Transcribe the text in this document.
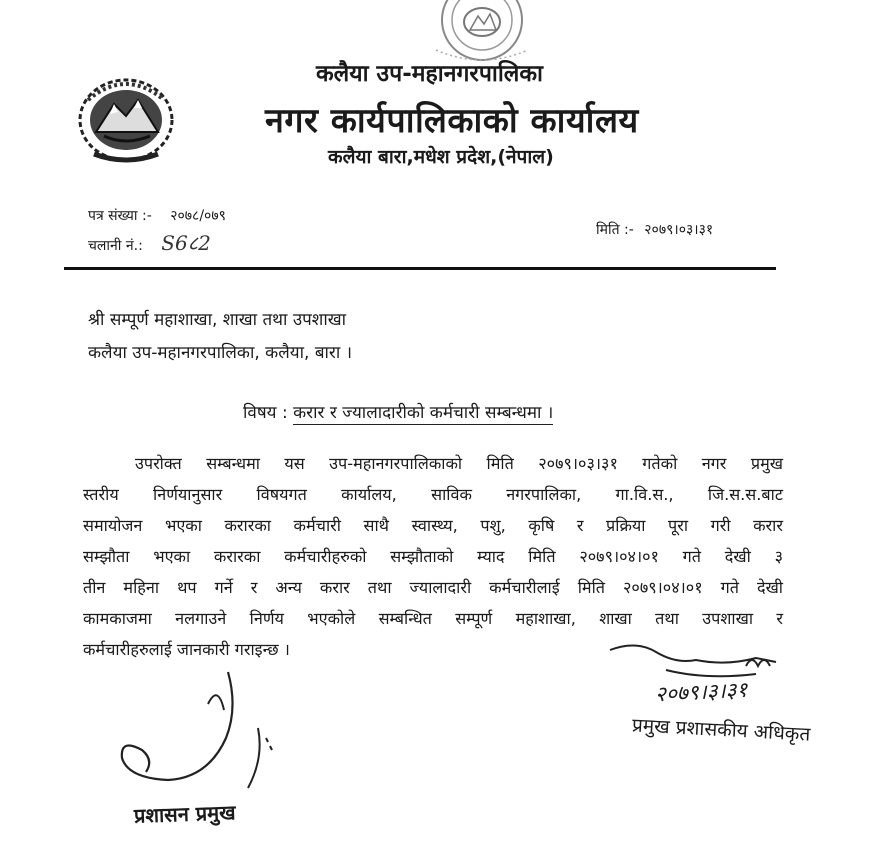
कलैया उप-महानगरपालिका
नगर कार्यपालिकाको कार्यालय
कलैया बारा,मधेश प्रदेश,(नेपाल)
पत्र संख्या :- २०७८/०७९
चलानी नं.: S6८2
मिति :- २०७९।०३।३१
श्री सम्पूर्ण महाशाखा, शाखा तथा उपशाखा
कलैया उप-महानगरपालिका, कलैया, बारा ।
विषय : करार र ज्यालादारीको कर्मचारी सम्बन्धमा ।
उपरोक्त सम्बन्धमा यस उप-महानगरपालिकाको मिति २०७९।०३।३१ गतेको नगर प्रमुख
स्तरीय निर्णयानुसार विषयगत कार्यालय, साविक नगरपालिका, गा.वि.स., जि.स.स.बाट
समायोजन भएका करारका कर्मचारी साथै स्वास्थ्य, पशु, कृषि र प्रक्रिया पूरा गरी करार
सम्झौता भएका करारका कर्मचारीहरुको सम्झौताको म्याद मिति २०७९।०४।०१ गते देखी ३
तीन महिना थप गर्ने र अन्य करार तथा ज्यालादारी कर्मचारीलाई मिति २०७९।०४।०१ गते देखी
कामकाजमा नलगाउने निर्णय भएकोले सम्बन्धित सम्पूर्ण महाशाखा, शाखा तथा उपशाखा र
कर्मचारीहरुलाई जानकारी गराइन्छ ।
२०७९।३।३१
प्रमुख प्रशासकीय अधिकृत
प्रशासन प्रमुख
